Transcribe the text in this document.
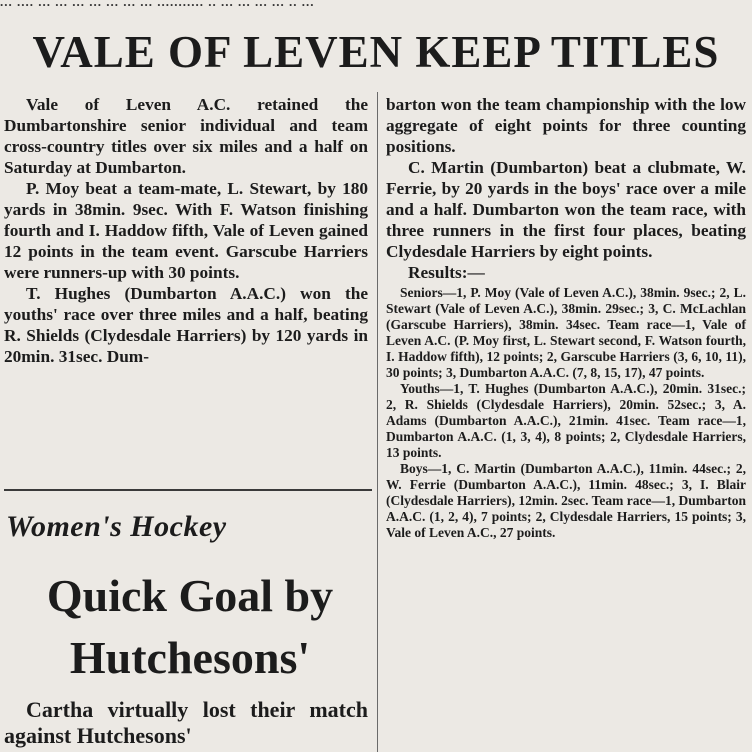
... .... ... ... ... ... ... ... ... ........... .. ... ... ... ... .. ...
VALE OF LEVEN KEEP TITLES

Vale of Leven A.C. retained the Dumbartonshire senior individual and team cross-country titles over six miles and a half on Saturday at Dumbarton.

P. Moy beat a team-mate, L. Stewart, by 180 yards in 38min. 9sec. With F. Watson finishing fourth and I. Haddow fifth, Vale of Leven gained 12 points in the team event. Garscube Harriers were runners-up with 30 points.

T. Hughes (Dumbarton A.A.C.) won the youths' race over three miles and a half, beating R. Shields (Clydesdale Harriers) by 120 yards in 20min. 31sec. Dum-

barton won the team championship with the low aggregate of eight points for three counting positions.

C. Martin (Dumbarton) beat a clubmate, W. Ferrie, by 20 yards in the boys' race over a mile and a half. Dumbarton won the team race, with three runners in the first four places, beating Clydesdale Harriers by eight points.

Results:—

Seniors—1, P. Moy (Vale of Leven A.C.), 38min. 9sec.; 2, L. Stewart (Vale of Leven A.C.), 38min. 29sec.; 3, C. McLachlan (Garscube Harriers), 38min. 34sec. Team race—1, Vale of Leven A.C. (P. Moy first, L. Stewart second, F. Watson fourth, I. Haddow fifth), 12 points; 2, Garscube Harriers (3, 6, 10, 11), 30 points; 3, Dumbarton A.A.C. (7, 8, 15, 17), 47 points.

Youths—1, T. Hughes (Dumbarton A.A.C.), 20min. 31sec.; 2, R. Shields (Clydesdale Harriers), 20min. 52sec.; 3, A. Adams (Dumbarton A.A.C.), 21min. 41sec. Team race—1, Dumbarton A.A.C. (1, 3, 4), 8 points; 2, Clydesdale Harriers, 13 points.

Boys—1, C. Martin (Dumbarton A.A.C.), 11min. 44sec.; 2, W. Ferrie (Dumbarton A.A.C.), 11min. 48sec.; 3, I. Blair (Clydesdale Harriers), 12min. 2sec. Team race—1, Dumbarton A.A.C. (1, 2, 4), 7 points; 2, Clydesdale Harriers, 15 points; 3, Vale of Leven A.C., 27 points.

Women's Hockey
Quick Goal by
Hutchesons'

Cartha virtually lost their match against Hutchesons'
